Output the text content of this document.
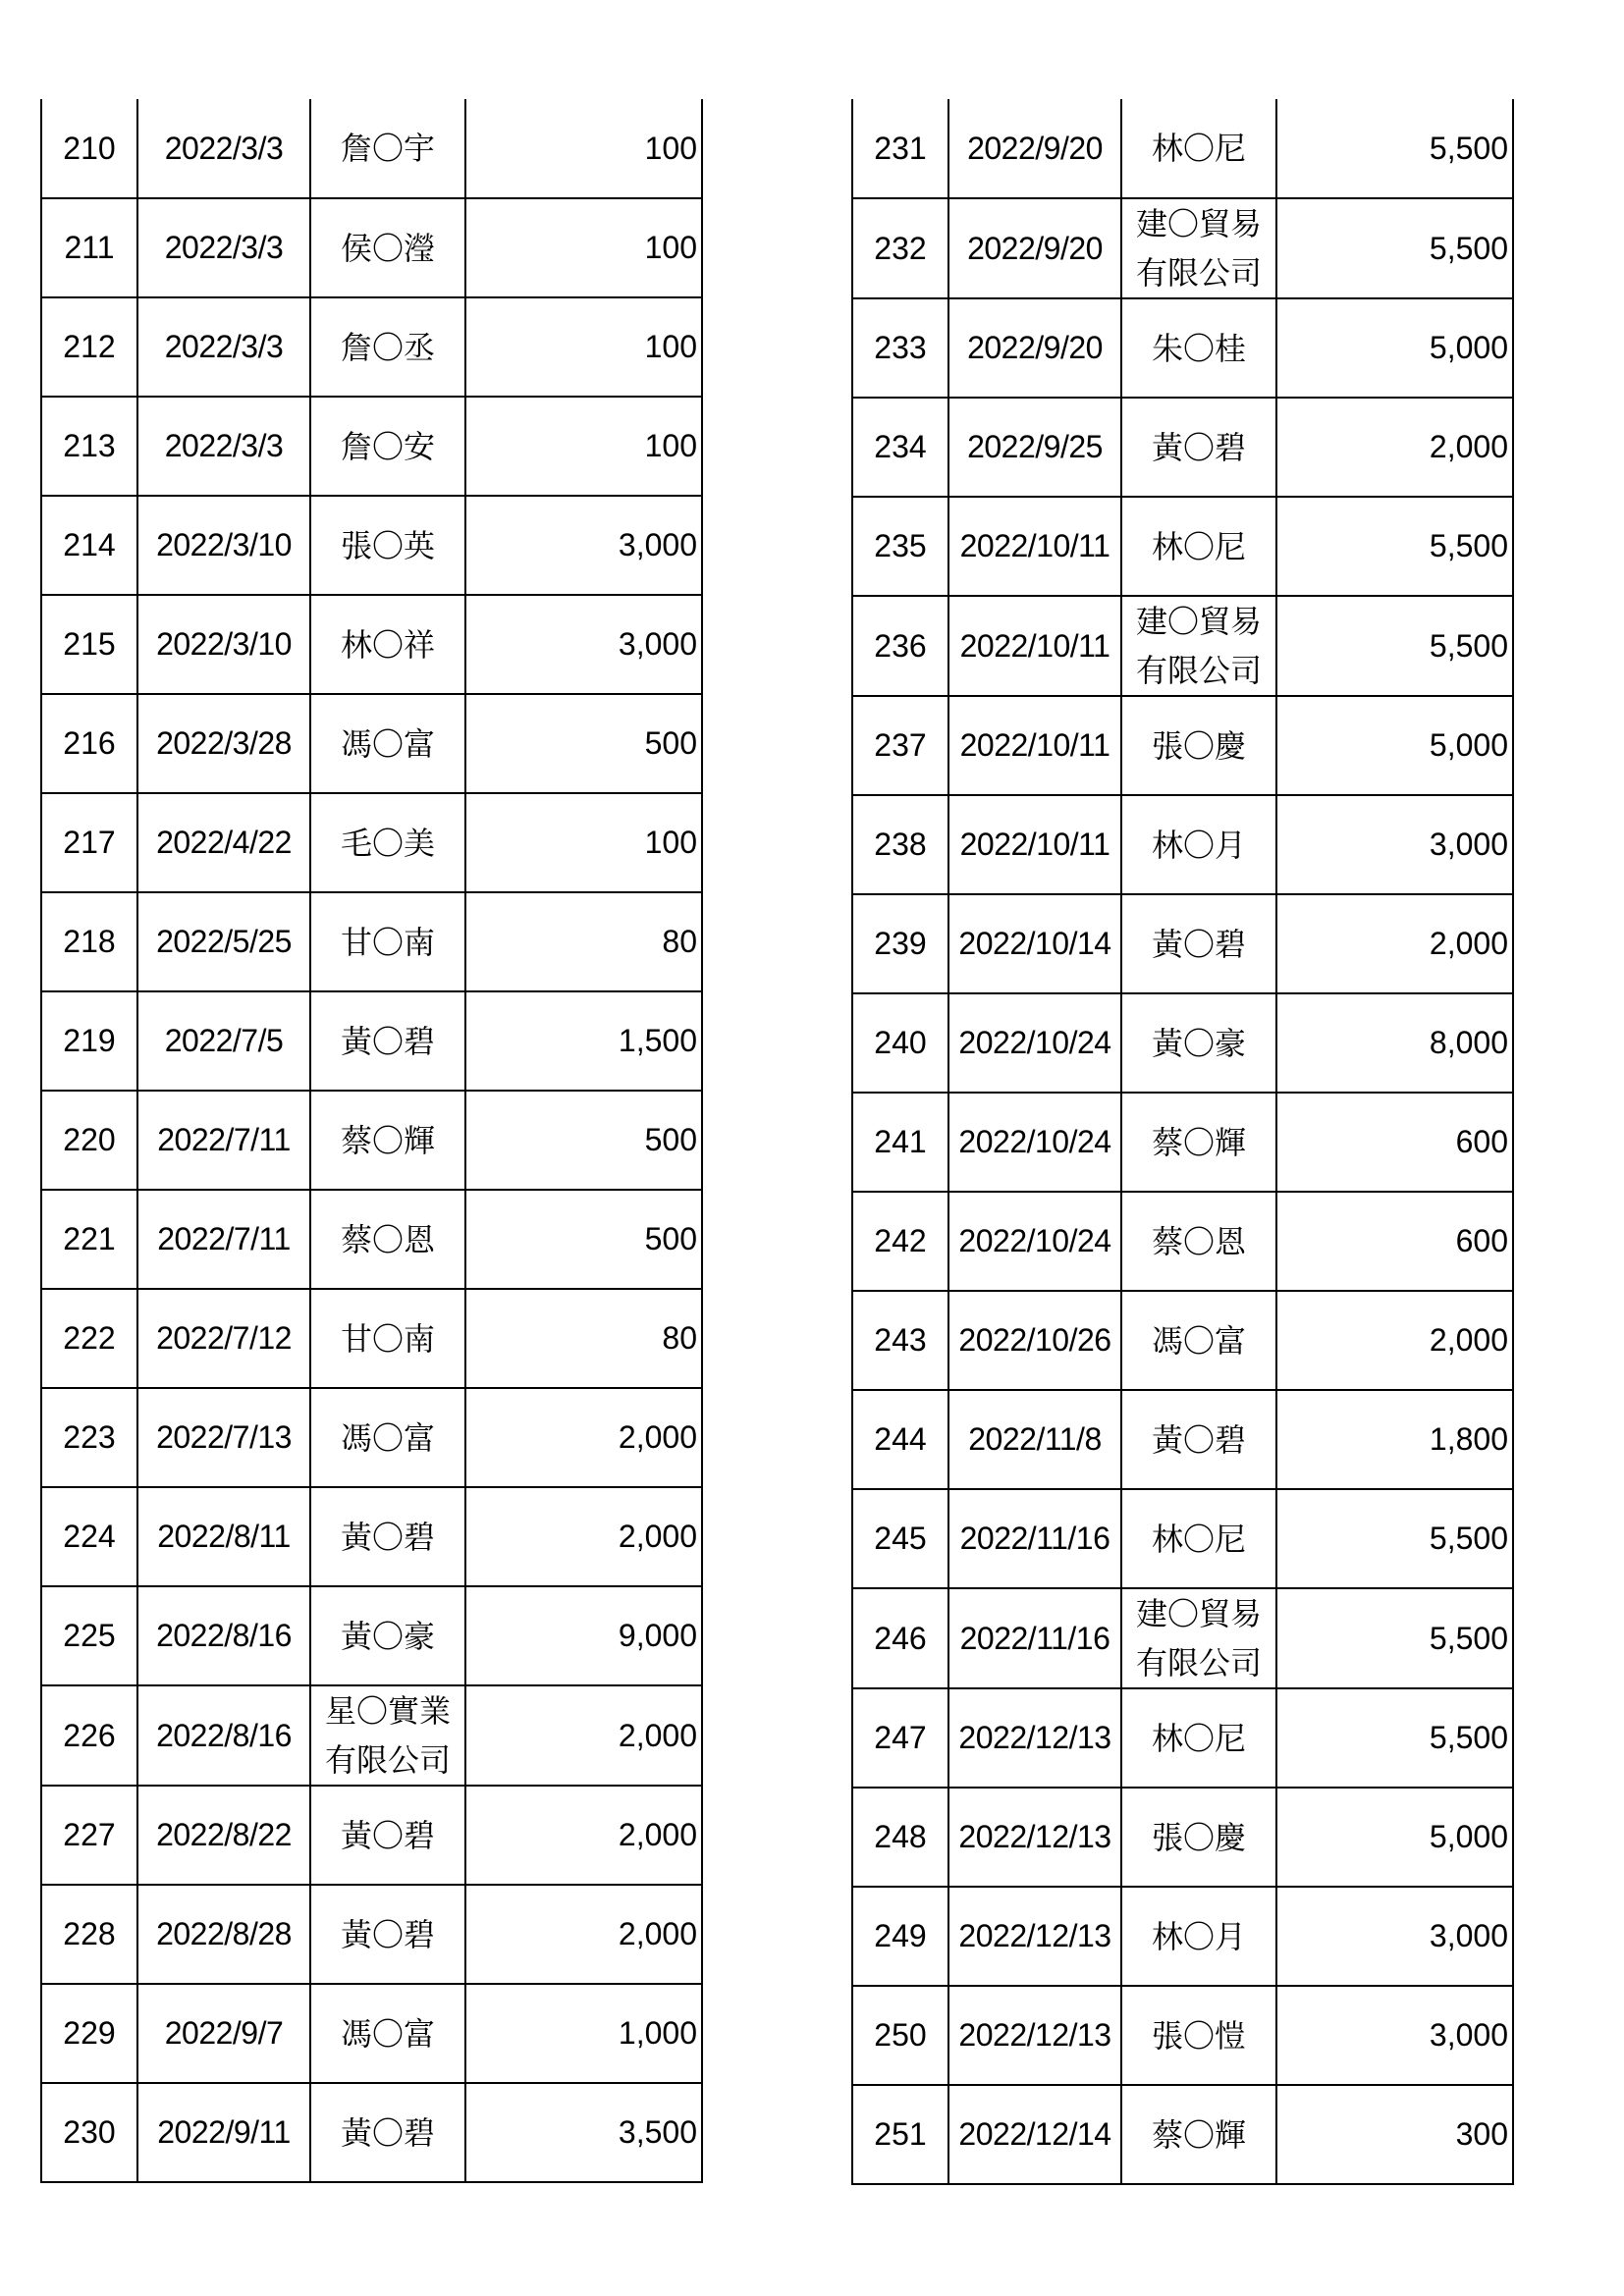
210	2022/3/3	詹〇宇	100
211	2022/3/3	侯〇瀅	100
212	2022/3/3	詹〇丞	100
213	2022/3/3	詹〇安	100
214	2022/3/10	張〇英	3,000
215	2022/3/10	林〇祥	3,000
216	2022/3/28	馮〇富	500
217	2022/4/22	毛〇美	100
218	2022/5/25	甘〇南	80
219	2022/7/5	黃〇碧	1,500
220	2022/7/11	蔡〇輝	500
221	2022/7/11	蔡〇恩	500
222	2022/7/12	甘〇南	80
223	2022/7/13	馮〇富	2,000
224	2022/8/11	黃〇碧	2,000
225	2022/8/16	黃〇豪	9,000
226	2022/8/16	星〇實業有限公司	2,000
227	2022/8/22	黃〇碧	2,000
228	2022/8/28	黃〇碧	2,000
229	2022/9/7	馮〇富	1,000
230	2022/9/11	黃〇碧	3,500
231	2022/9/20	林〇尼	5,500
232	2022/9/20	建〇貿易有限公司	5,500
233	2022/9/20	朱〇桂	5,000
234	2022/9/25	黃〇碧	2,000
235	2022/10/11	林〇尼	5,500
236	2022/10/11	建〇貿易有限公司	5,500
237	2022/10/11	張〇慶	5,000
238	2022/10/11	林〇月	3,000
239	2022/10/14	黃〇碧	2,000
240	2022/10/24	黃〇豪	8,000
241	2022/10/24	蔡〇輝	600
242	2022/10/24	蔡〇恩	600
243	2022/10/26	馮〇富	2,000
244	2022/11/8	黃〇碧	1,800
245	2022/11/16	林〇尼	5,500
246	2022/11/16	建〇貿易有限公司	5,500
247	2022/12/13	林〇尼	5,500
248	2022/12/13	張〇慶	5,000
249	2022/12/13	林〇月	3,000
250	2022/12/13	張〇愷	3,000
251	2022/12/14	蔡〇輝	300
